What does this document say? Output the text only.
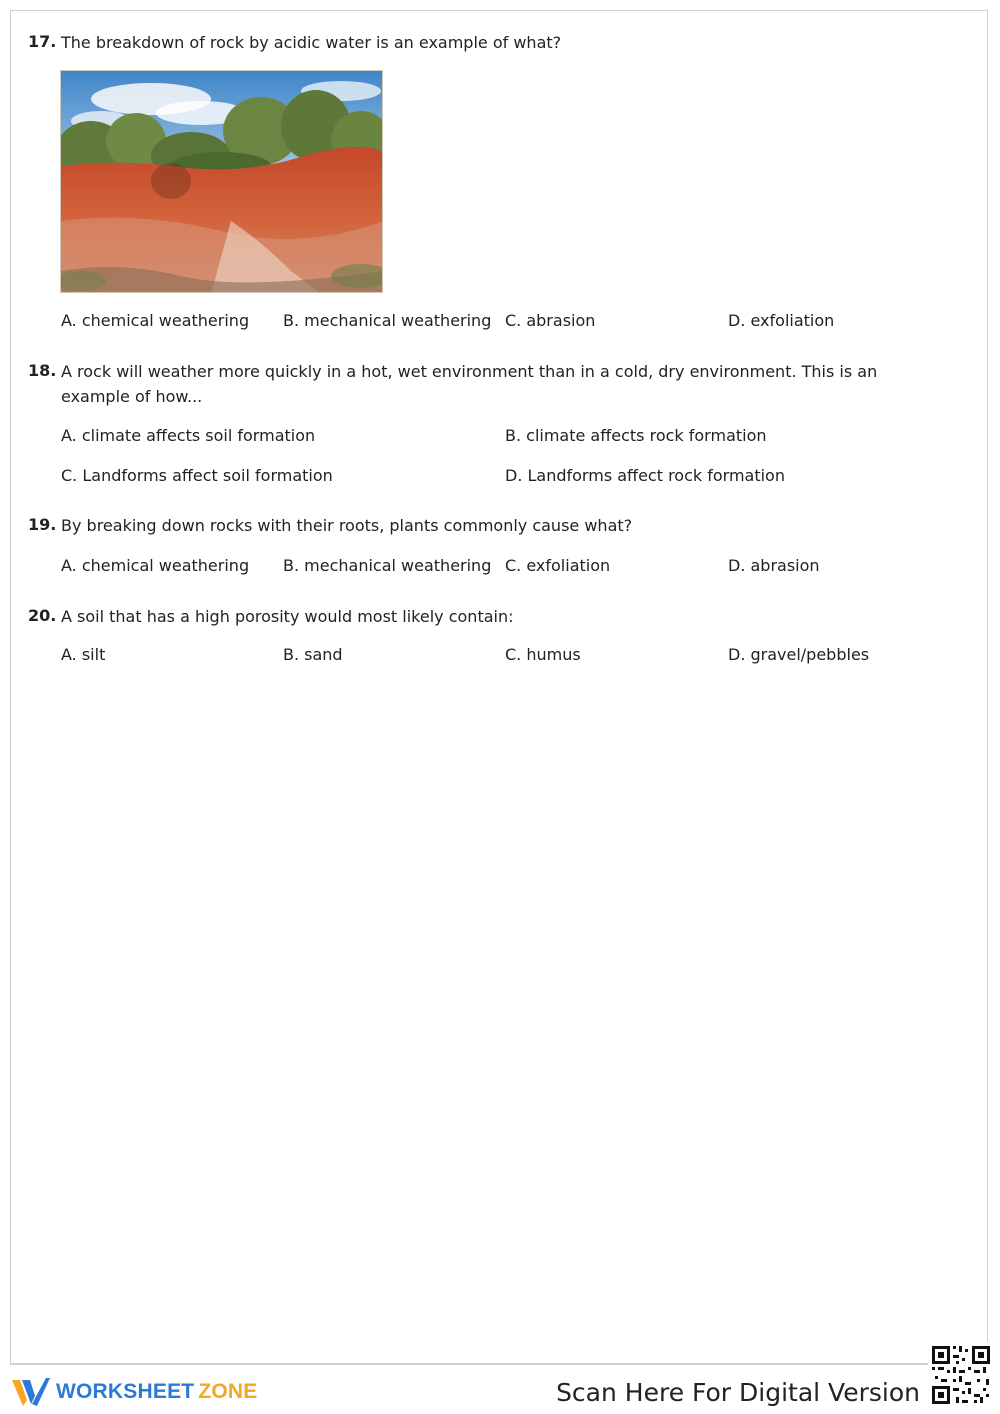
17. The breakdown of rock by acidic water is an example of what?
A. chemical weathering B. mechanical weathering C. abrasion	D. exfoliation
18. A rock will weather more quickly in a hot, wet environment than in a cold, dry environment. This is an example of how...
A. climate affects soil formation	B. climate affects rock formation
C. Landforms affect soil formation	D. Landforms affect rock formation
19. By breaking down rocks with their roots, plants commonly cause what?
A. chemical weathering B. mechanical weathering C. exfoliation	D. abrasion
20. A soil that has a high porosity would most likely contain:
A. silt	B. sand	C. humus	D. gravel/pebbles
WORKSHEET ZONE	Scan Here For Digital Version
